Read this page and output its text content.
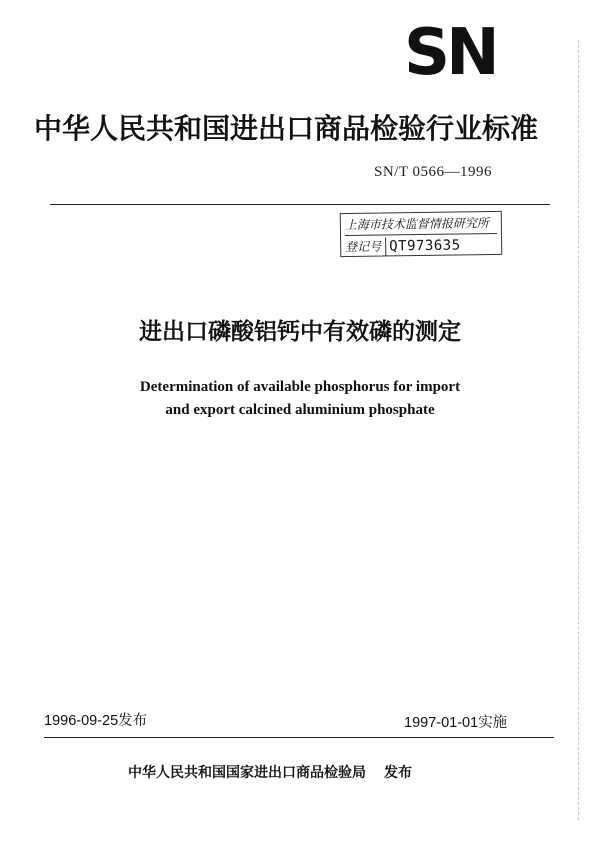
SN
中华人民共和国进出口商品检验行业标准
SN/T 0566—1996
上海市技术监督情报研究所
登记号 QT973635
进出口磷酸铝钙中有效磷的测定
Determination of available phosphorus for import
and export calcined aluminium phosphate
1996-09-25发布	1997-01-01实施
中华人民共和国国家进出口商品检验局 发布
